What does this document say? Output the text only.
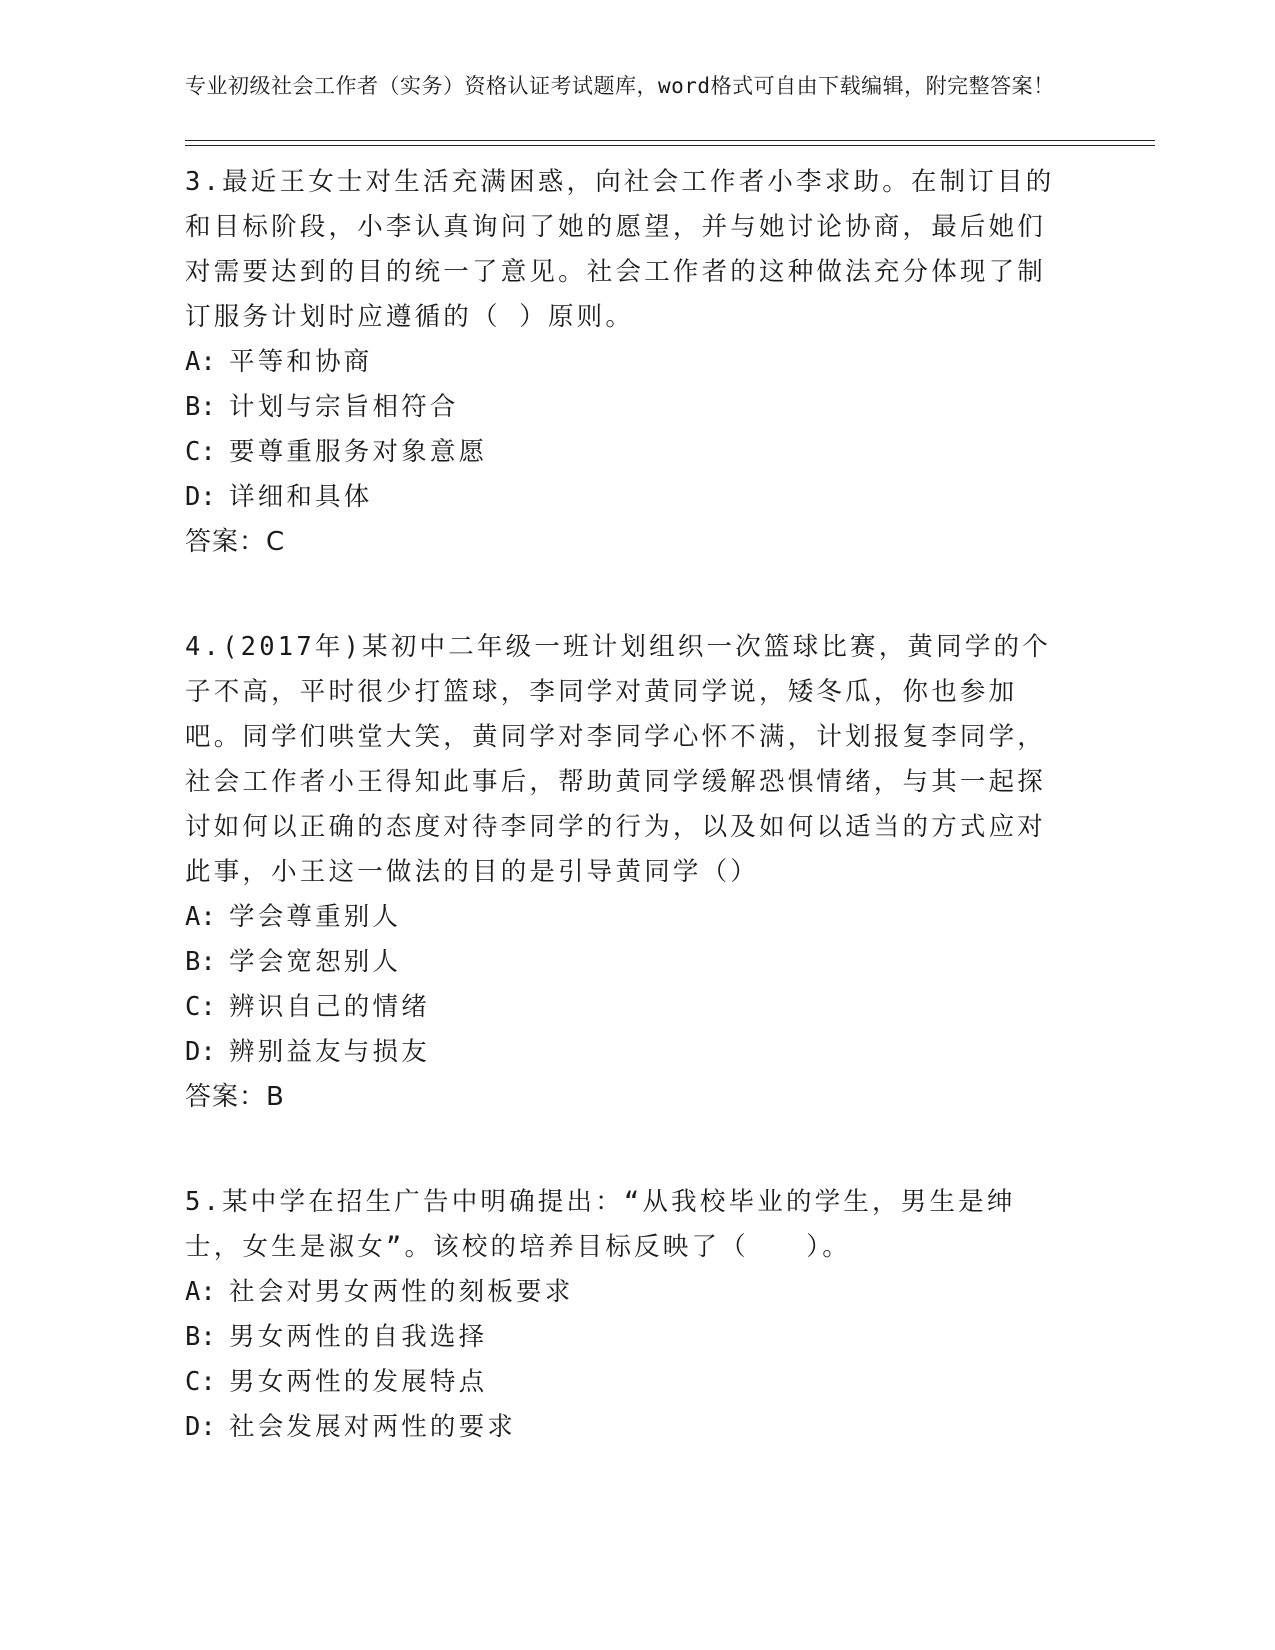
专业初级社会工作者（实务）资格认证考试题库，word格式可自由下载编辑，附完整答案！
3.最近王女士对生活充满困惑，向社会工作者小李求助。在制订目的和目标阶段，小李认真询问了她的愿望，并与她讨论协商，最后她们对需要达到的目的统一了意见。社会工作者的这种做法充分体现了制订服务计划时应遵循的（ ）原则。
A: 平等和协商
B: 计划与宗旨相符合
C: 要尊重服务对象意愿
D: 详细和具体
答案：C
4.(2017年)某初中二年级一班计划组织一次篮球比赛，黄同学的个子不高，平时很少打篮球，李同学对黄同学说，矮冬瓜，你也参加吧。同学们哄堂大笑，黄同学对李同学心怀不满，计划报复李同学，社会工作者小王得知此事后，帮助黄同学缓解恐惧情绪，与其一起探讨如何以正确的态度对待李同学的行为，以及如何以适当的方式应对此事，小王这一做法的目的是引导黄同学（）
A: 学会尊重别人
B: 学会宽恕别人
C: 辨识自己的情绪
D: 辨别益友与损友
答案：B
5.某中学在招生广告中明确提出：“从我校毕业的学生，男生是绅士，女生是淑女”。该校的培养目标反映了（　　）。
A: 社会对男女两性的刻板要求
B: 男女两性的自我选择
C: 男女两性的发展特点
D: 社会发展对两性的要求
